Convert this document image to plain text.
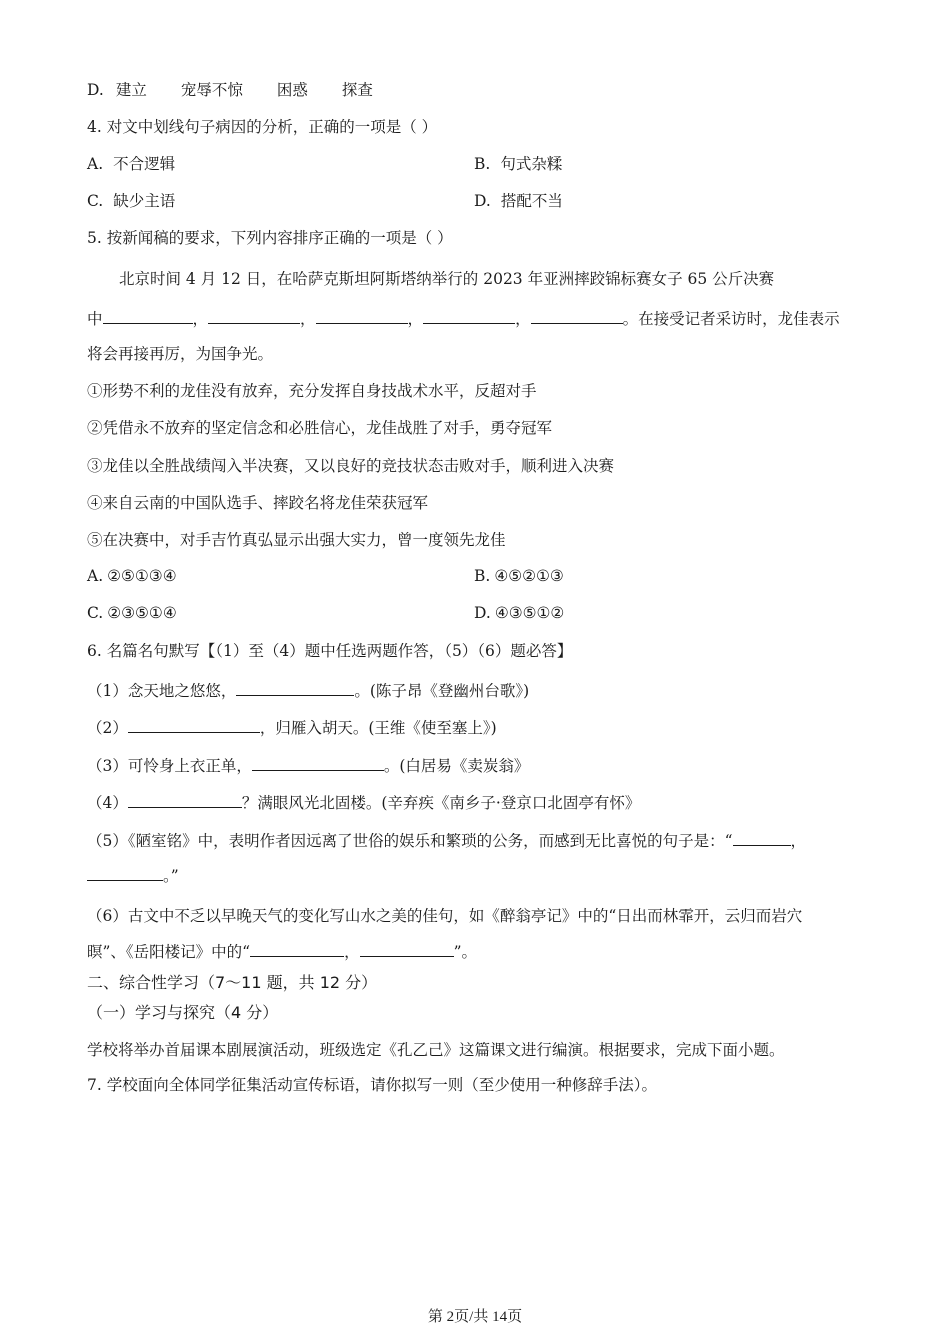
D. 建立 宠辱不惊 困惑 探查
4. 对文中划线句子病因的分析，正确的一项是（ ）
A. 不合逻辑	B. 句式杂糅
C. 缺少主语	D. 搭配不当
5. 按新闻稿的要求，下列内容排序正确的一项是（ ）
北京时间 4 月 12 日，在哈萨克斯坦阿斯塔纳举行的 2023 年亚洲摔跤锦标赛女子 65 公斤决赛
中	，	，	，	，	。在接受记者采访时，龙佳表示
将会再接再厉，为国争光。
①形势不利的龙佳没有放弃，充分发挥自身技战术水平，反超对手
②凭借永不放弃的坚定信念和必胜信心，龙佳战胜了对手，勇夺冠军
③龙佳以全胜战绩闯入半决赛，又以良好的竞技状态击败对手，顺利进入决赛
④来自云南的中国队选手、摔跤名将龙佳荣获冠军
⑤在决赛中，对手吉竹真弘显示出强大实力，曾一度领先龙佳
A. ②⑤①③④	B. ④⑤②①③
C. ②③⑤①④	D. ④③⑤①②
6. 名篇名句默写【（1）至（4）题中任选两题作答，（5）（6）题必答】
（1）念天地之悠悠，	。(陈子昂《登幽州台歌》)
（2）	，归雁入胡天。(王维《使至塞上》)
（3）可怜身上衣正单，	。(白居易《卖炭翁》
（4）	？满眼风光北固楼。(辛弃疾《南乡子·登京口北固亭有怀》
（5）《陋室铭》中，表明作者因远离了世俗的娱乐和繁琐的公务，而感到无比喜悦的句子是：“	，
。”
（6）古文中不乏以早晚天气的变化写山水之美的佳句，如《醉翁亭记》中的“日出而林霏开，云归而岩穴
暝”、《岳阳楼记》中的“	，	”。
二、综合性学习（7～11 题，共 12 分）
（一）学习与探究（4 分）
学校将举办首届课本剧展演活动，班级选定《孔乙己》这篇课文进行编演。根据要求，完成下面小题。
7. 学校面向全体同学征集活动宣传标语，请你拟写一则（至少使用一种修辞手法）。
第 2页/共 14页
